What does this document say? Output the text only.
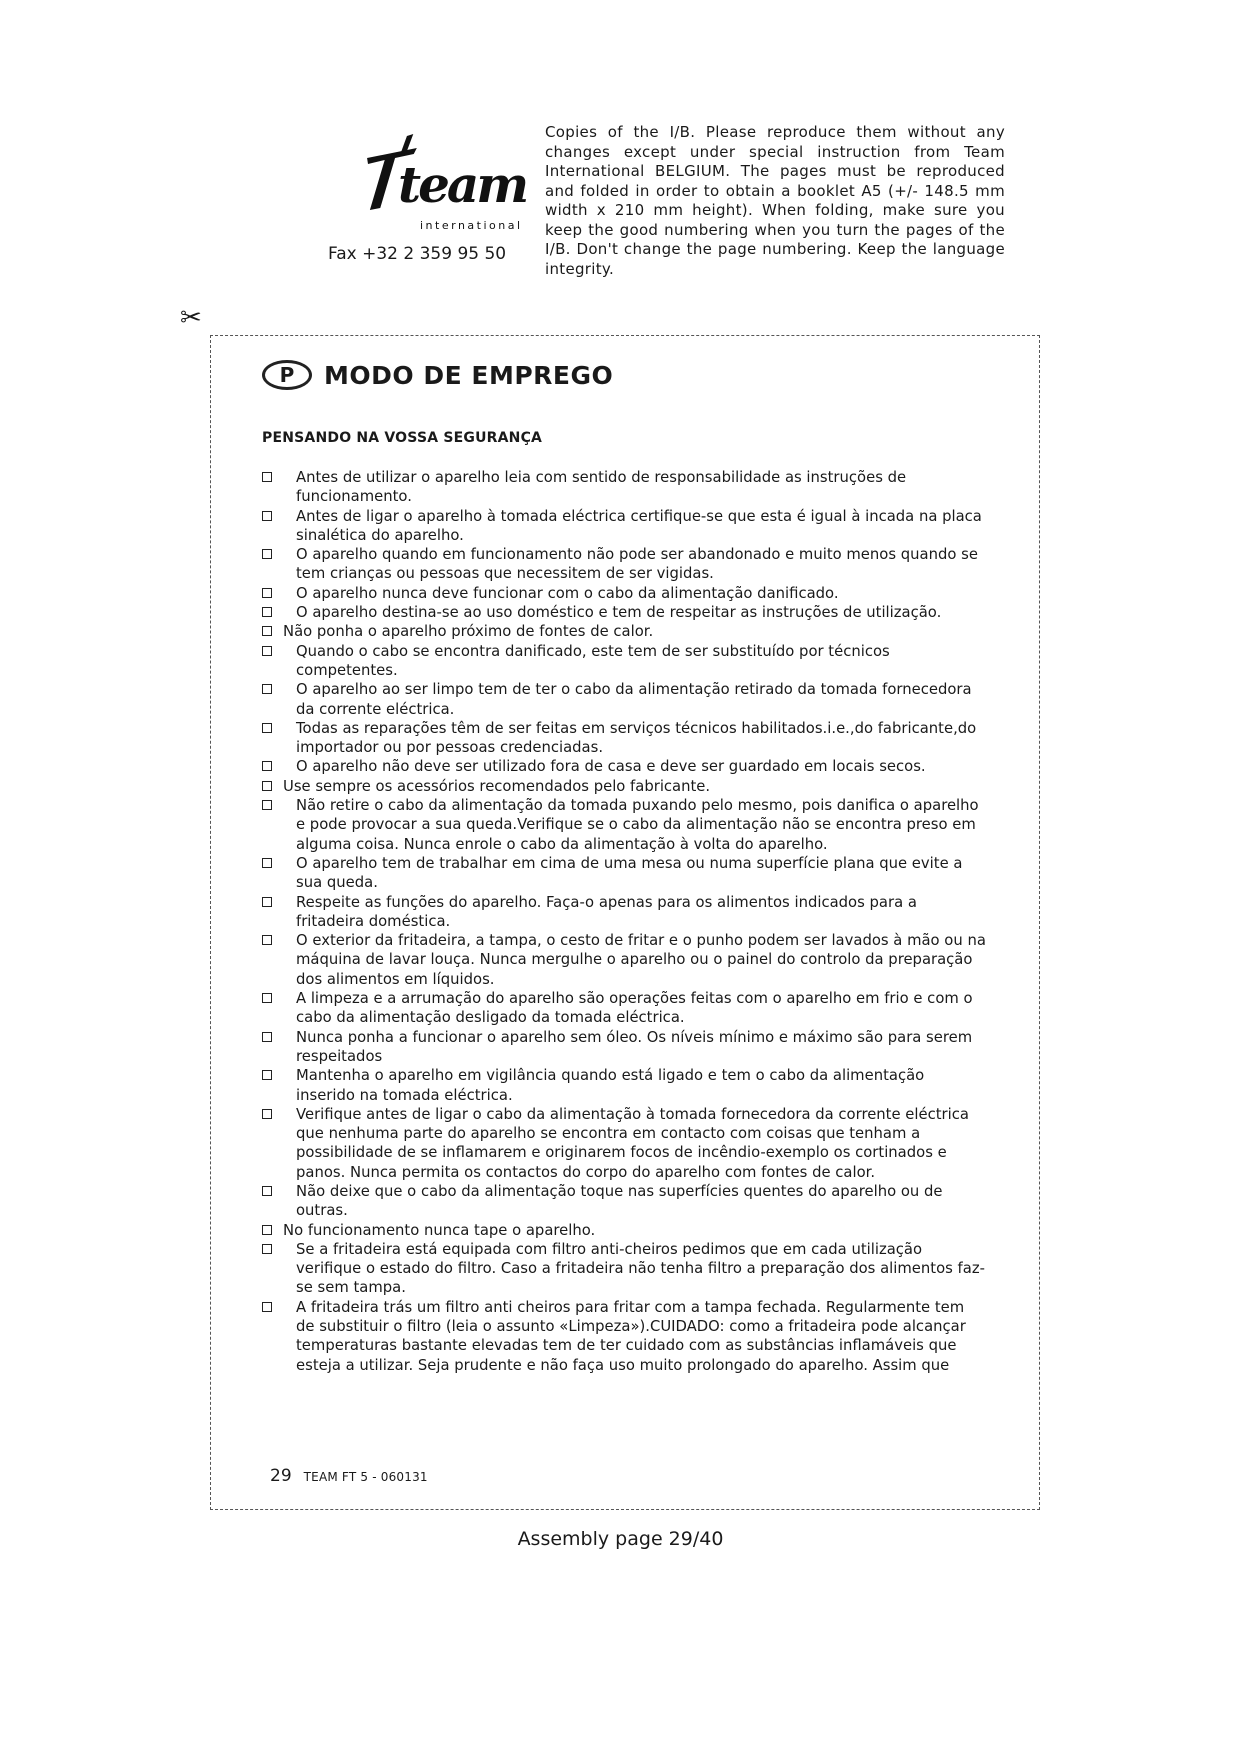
team
international
Fax +32 2 359 95 50
Copies of the I/B. Please reproduce them without any changes except under special instruction from Team International BELGIUM. The pages must be reproduced and folded in order to obtain a booklet A5 (+/- 148.5 mm width x 210 mm height). When folding, make sure you keep the good numbering when you turn the pages of the I/B. Don't change the page numbering. Keep the language integrity.
✂
P	MODO DE EMPREGO
PENSANDO NA VOSSA SEGURANÇA
Antes de utilizar o aparelho leia com sentido de responsabilidade as instruções de funcionamento.
Antes de ligar o aparelho à tomada eléctrica certifique-se que esta é igual à incada na placa sinalética do aparelho.
O aparelho quando em funcionamento não pode ser abandonado e muito menos quando se tem crianças ou pessoas que necessitem de ser vigidas.
O aparelho nunca deve funcionar com o cabo da alimentação danificado.
O aparelho destina-se ao uso doméstico e tem de respeitar as instruções de utilização.
Não ponha o aparelho próximo de fontes de calor.
Quando o cabo se encontra danificado, este tem de ser substituído por técnicos competentes.
O aparelho ao ser limpo tem de ter o cabo da alimentação retirado da tomada fornecedora da corrente eléctrica.
Todas as reparações têm de ser feitas em serviços técnicos habilitados.i.e.,do fabricante,do importador ou por pessoas credenciadas.
O aparelho não deve ser utilizado fora de casa e deve ser guardado em locais secos.
Use sempre os acessórios recomendados pelo fabricante.
Não retire o cabo da alimentação da tomada puxando pelo mesmo, pois danifica o aparelho e pode provocar a sua queda.Verifique se o cabo da alimentação não se encontra preso em alguma coisa. Nunca enrole o cabo da alimentação à volta do aparelho.
O aparelho tem de trabalhar em cima de uma mesa ou numa superfície plana que evite a sua queda.
Respeite as funções do aparelho. Faça-o apenas para os alimentos indicados para a fritadeira doméstica.
O exterior da fritadeira, a tampa, o cesto de fritar e o punho podem ser lavados à mão ou na máquina de lavar louça. Nunca mergulhe o aparelho ou o painel do controlo da preparação dos alimentos em líquidos.
A limpeza e a arrumação do aparelho são operações feitas com o aparelho em frio e com o cabo da alimentação desligado da tomada eléctrica.
Nunca ponha a funcionar o aparelho sem óleo. Os níveis mínimo e máximo são para serem respeitados
Mantenha o aparelho em vigilância quando está ligado e tem o cabo da alimentação inserido na tomada eléctrica.
Verifique antes de ligar o cabo da alimentação à tomada fornecedora da corrente eléctrica que nenhuma parte do aparelho se encontra em contacto com coisas que tenham a possibilidade de se inflamarem e originarem focos de incêndio-exemplo os cortinados e panos. Nunca permita os contactos do corpo do aparelho com fontes de calor.
Não deixe que o cabo da alimentação toque nas superfícies quentes do aparelho ou de outras.
No funcionamento nunca tape o aparelho.
Se a fritadeira está equipada com filtro anti-cheiros pedimos que em cada utilização verifique o estado do filtro. Caso a fritadeira não tenha filtro a preparação dos alimentos faz-se sem tampa.
A fritadeira trás um filtro anti cheiros para fritar com a tampa fechada. Regularmente tem de substituir o filtro (leia o assunto «Limpeza»).CUIDADO: como a fritadeira pode alcançar temperaturas bastante elevadas tem de ter cuidado com as substâncias inflamáveis que esteja a utilizar. Seja prudente e não faça uso muito prolongado do aparelho. Assim que
29 TEAM FT 5 - 060131
Assembly page 29/40
